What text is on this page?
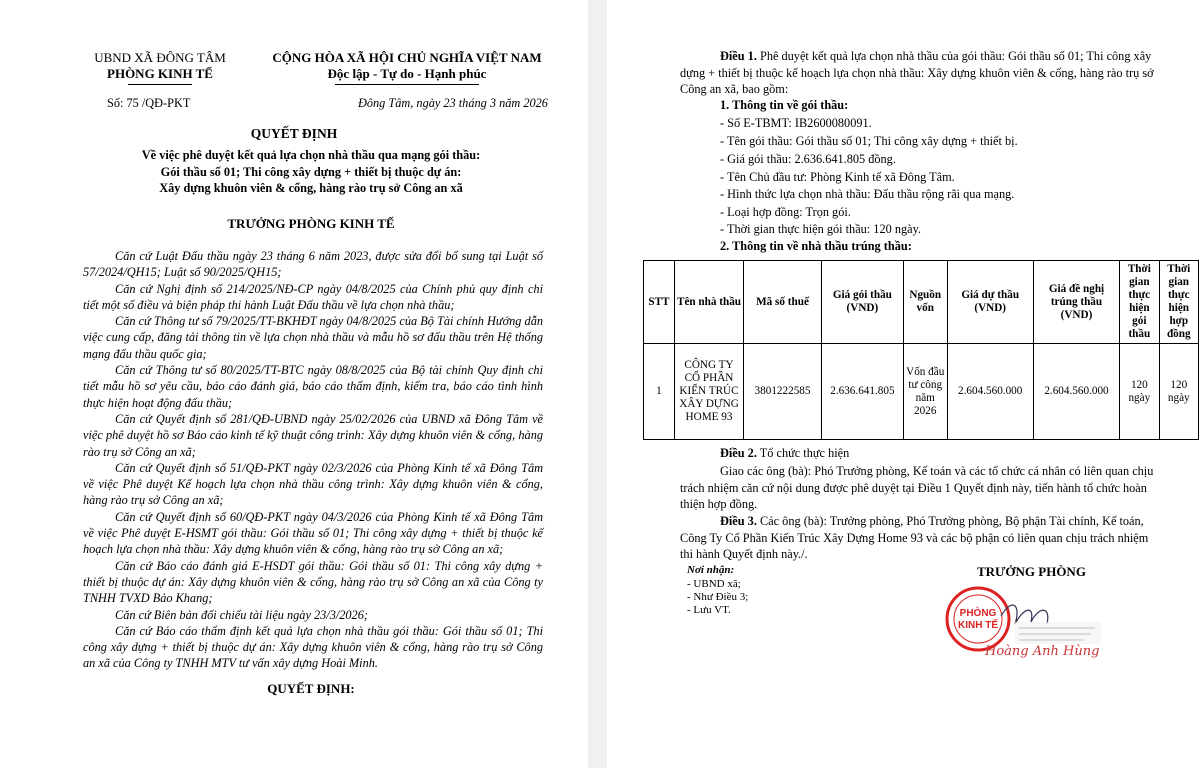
UBND XÃ ĐÔNG TÂM
PHÒNG KINH TẾ
CỘNG HÒA XÃ HỘI CHỦ NGHĨA VIỆT NAM
Độc lập - Tự do - Hạnh phúc
Số: 75 /QĐ-PKT	Đông Tâm, ngày 23 tháng 3 năm 2026
QUYẾT ĐỊNH
Về việc phê duyệt kết quả lựa chọn nhà thầu qua mạng gói thầu:
Gói thầu số 01; Thi công xây dựng + thiết bị thuộc dự án:
Xây dựng khuôn viên & cổng, hàng rào trụ sở Công an xã
TRƯỞNG PHÒNG KINH TẾ
Căn cứ Luật Đấu thầu ngày 23 tháng 6 năm 2023, được sửa đổi bổ sung tại Luật số 57/2024/QH15; Luật số 90/2025/QH15;
Căn cứ Nghị định số 214/2025/NĐ-CP ngày 04/8/2025 của Chính phủ quy định chi tiết một số điều và biện pháp thi hành Luật Đấu thầu về lựa chọn nhà thầu;
Căn cứ Thông tư số 79/2025/TT-BKHĐT ngày 04/8/2025 của Bộ Tài chính Hướng dẫn việc cung cấp, đăng tải thông tin về lựa chọn nhà thầu và mẫu hồ sơ đấu thầu trên Hệ thống mạng đấu thầu quốc gia;
Căn cứ Thông tư số 80/2025/TT-BTC ngày 08/8/2025 của Bộ tài chính Quy định chi tiết mẫu hồ sơ yêu cầu, báo cáo đánh giá, báo cáo thẩm định, kiểm tra, báo cáo tình hình thực hiện hoạt động đấu thầu;
Căn cứ Quyết định số 281/QĐ-UBND ngày 25/02/2026 của UBND xã Đông Tâm về việc phê duyệt hồ sơ Báo cáo kinh tế kỹ thuật công trình: Xây dựng khuôn viên & cổng, hàng rào trụ sở Công an xã;
Căn cứ Quyết định số 51/QĐ-PKT ngày 02/3/2026 của Phòng Kinh tế xã Đông Tâm về việc Phê duyệt Kế hoạch lựa chọn nhà thầu công trình: Xây dựng khuôn viên & cổng, hàng rào trụ sở Công an xã;
Căn cứ Quyết định số 60/QĐ-PKT ngày 04/3/2026 của Phòng Kinh tế xã Đông Tâm về việc Phê duyệt E-HSMT gói thầu: Gói thầu số 01; Thi công xây dựng + thiết bị thuộc kế hoạch lựa chọn nhà thầu: Xây dựng khuôn viên & cổng, hàng rào trụ sở Công an xã;
Căn cứ Báo cáo đánh giá E-HSDT gói thầu: Gói thầu số 01: Thi công xây dựng + thiết bị thuộc dự án: Xây dựng khuôn viên & cổng, hàng rào trụ sở Công an xã của Công ty TNHH TVXD Bảo Khang;
Căn cứ Biên bản đối chiếu tài liệu ngày 23/3/2026;
Căn cứ Báo cáo thẩm định kết quả lựa chọn nhà thầu gói thầu: Gói thầu số 01; Thi công xây dựng + thiết bị thuộc dự án: Xây dựng khuôn viên & cổng, hàng rào trụ sở Công an xã của Công ty TNHH MTV tư vấn xây dựng Hoài Minh.
QUYẾT ĐỊNH:
Điều 1. Phê duyệt kết quả lựa chọn nhà thầu của gói thầu: Gói thầu số 01; Thi công xây dựng + thiết bị thuộc kế hoạch lựa chọn nhà thầu: Xây dựng khuôn viên & cổng, hàng rào trụ sở Công an xã, bao gồm:
1. Thông tin về gói thầu:
- Số E-TBMT: IB2600080091.
- Tên gói thầu: Gói thầu số 01; Thi công xây dựng + thiết bị.
- Giá gói thầu: 2.636.641.805 đồng.
- Tên Chủ đầu tư: Phòng Kinh tế xã Đông Tâm.
- Hình thức lựa chọn nhà thầu: Đấu thầu rộng rãi qua mạng.
- Loại hợp đồng: Trọn gói.
- Thời gian thực hiện gói thầu: 120 ngày.
2. Thông tin về nhà thầu trúng thầu:
STT	Tên nhà thầu	Mã số thuế	Giá gói thầu (VND)	Nguồn vốn	Giá dự thầu (VND)	Giá đề nghị trúng thầu (VND)	Thời gian thực hiện gói thầu	Thời gian thực hiện hợp đồng
1	CÔNG TY CỔ PHẦN KIẾN TRÚC XÂY DỰNG HOME 93	3801222585	2.636.641.805	Vốn đầu tư công năm 2026	2.604.560.000	2.604.560.000	120 ngày	120 ngày
Điều 2. Tổ chức thực hiện
Giao các ông (bà): Phó Trưởng phòng, Kế toán và các tổ chức cá nhân có liên quan chịu trách nhiệm căn cứ nội dung được phê duyệt tại Điều 1 Quyết định này, tiến hành tổ chức hoàn thiện hợp đồng.
Điều 3. Các ông (bà): Trưởng phòng, Phó Trưởng phòng, Bộ phận Tài chính, Kế toán, Công Ty Cổ Phần Kiến Trúc Xây Dựng Home 93 và các bộ phận có liên quan chịu trách nhiệm thi hành Quyết định này./.
Nơi nhận:
- UBND xã;
- Như Điều 3;
- Lưu VT.
TRƯỞNG PHÒNG
PHÒNG
KINH TẾ
Hoàng Anh Hùng
